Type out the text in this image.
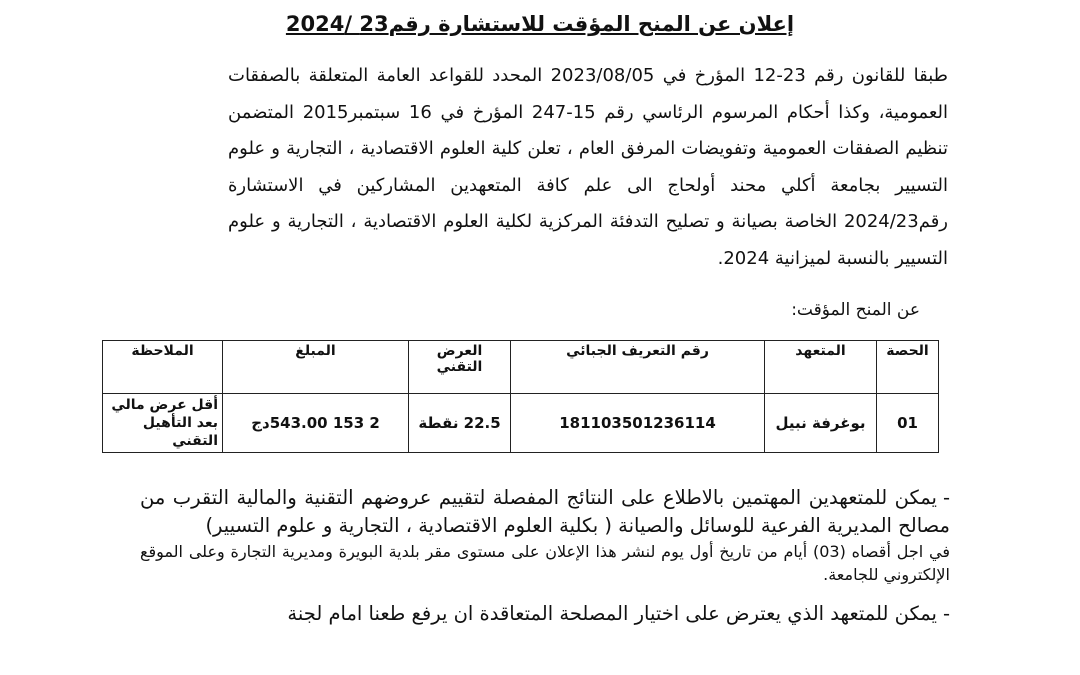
إعلان عن المنح المؤقت للاستشارة رقم23 /2024

طبقا للقانون رقم 23-12 المؤرخ في 2023/08/05 المحدد للقواعد العامة المتعلقة بالصفقات العمومية، وكذا أحكام المرسوم الرئاسي رقم 15-247 المؤرخ في 16 سبتمبر2015 المتضمن تنظيم الصفقات العمومية وتفويضات المرفق العام ، تعلن كلية العلوم الاقتصادية ، التجارية و علوم التسيير بجامعة أكلي محند أولحاج الى علم كافة المتعهدين المشاركين في الاستشارة رقم2024/23 الخاصة بصيانة و تصليح التدفئة المركزية لكلية العلوم الاقتصادية ، التجارية و علوم التسيير بالنسبة لميزانية 2024.

عن المنح المؤقت:

الحصة	المتعهد	رقم التعريف الجبائي	العرض التقني	المبلغ	الملاحظة
01	بوغرفة نبيل	181103501236114	22.5 نقطة	2 153 543.00دج	أقل عرض مالي بعد التأهيل التقني
-يمكن للمتعهدين المهتمين بالاطلاع على النتائج المفصلة لتقييم عروضهم التقنية والمالية التقرب من مصالح المديرية الفرعية للوسائل والصيانة ( بكلية العلوم الاقتصادية ، التجارية و علوم التسيير)
في اجل أقصاه (03) أيام من تاريخ أول يوم لنشر هذا الإعلان على مستوى مقر بلدية البويرة ومديرية التجارة وعلى الموقع الإلكتروني للجامعة.
-يمكن للمتعهد الذي يعترض على اختيار المصلحة المتعاقدة ان يرفع طعنا امام لجنة
